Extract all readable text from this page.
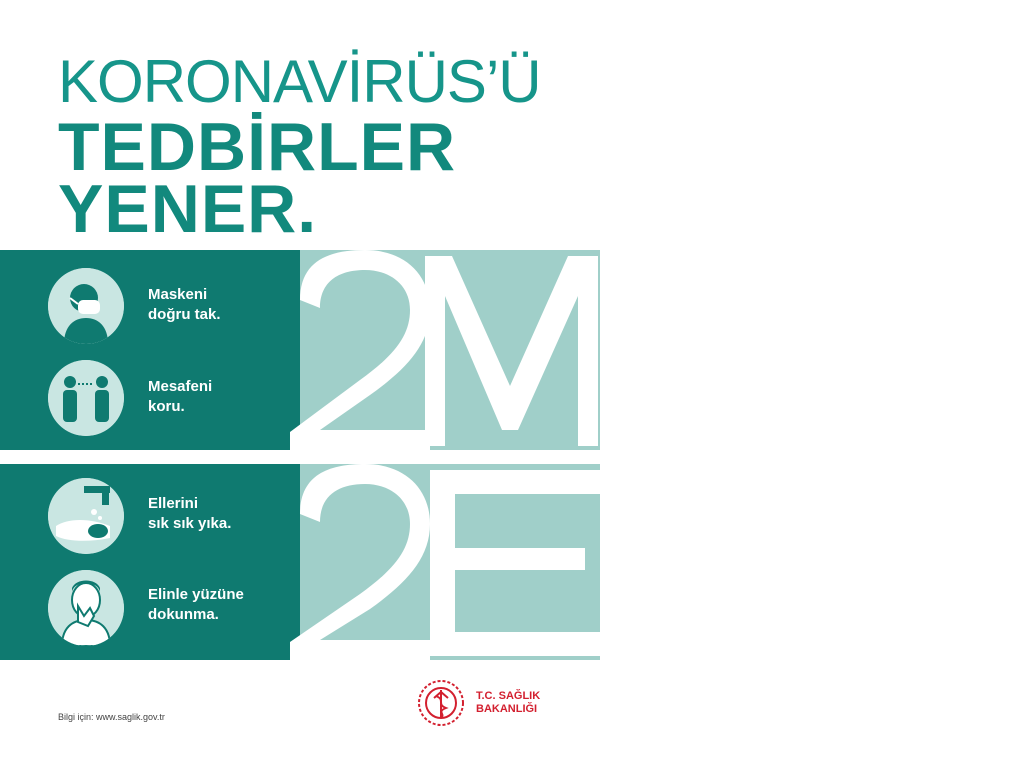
KORONAVİRÜS’Ü
TEDBİRLER
YENER.
Maskeni
doğru tak.
Mesafeni
koru.
Ellerini
sık sık yıka.
Elinle yüzüne
dokunma.
Bilgi için: www.saglik.gov.tr
T.C. SAĞLIK
BAKANLIĞI
